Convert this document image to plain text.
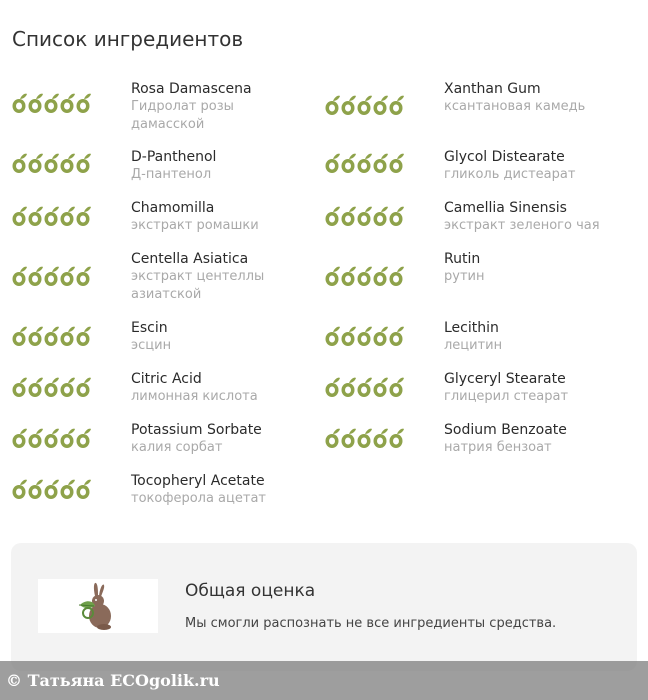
Список ингредиентов
Rosa Damascena
Гидролат розы дамасской
D-Panthenol
Д-пантенол
Chamomilla
экстракт ромашки
Centella Asiatica
экстракт центеллы азиатской
Escin
эсцин
Citric Acid
лимонная кислота
Potassium Sorbate
калия сорбат
Tocopheryl Acetate
токоферола ацетат
Xanthan Gum
ксантановая камедь
Glycol Distearate
гликоль дистеарат
Camellia Sinensis
экстракт зеленого чая
Rutin
рутин
Lecithin
лецитин
Glyceryl Stearate
глицерил стеарат
Sodium Benzoate
натрия бензоат
Общая оценка
Мы смогли распознать не все ингредиенты средства.
© Татьяна ECOgolik.ru
